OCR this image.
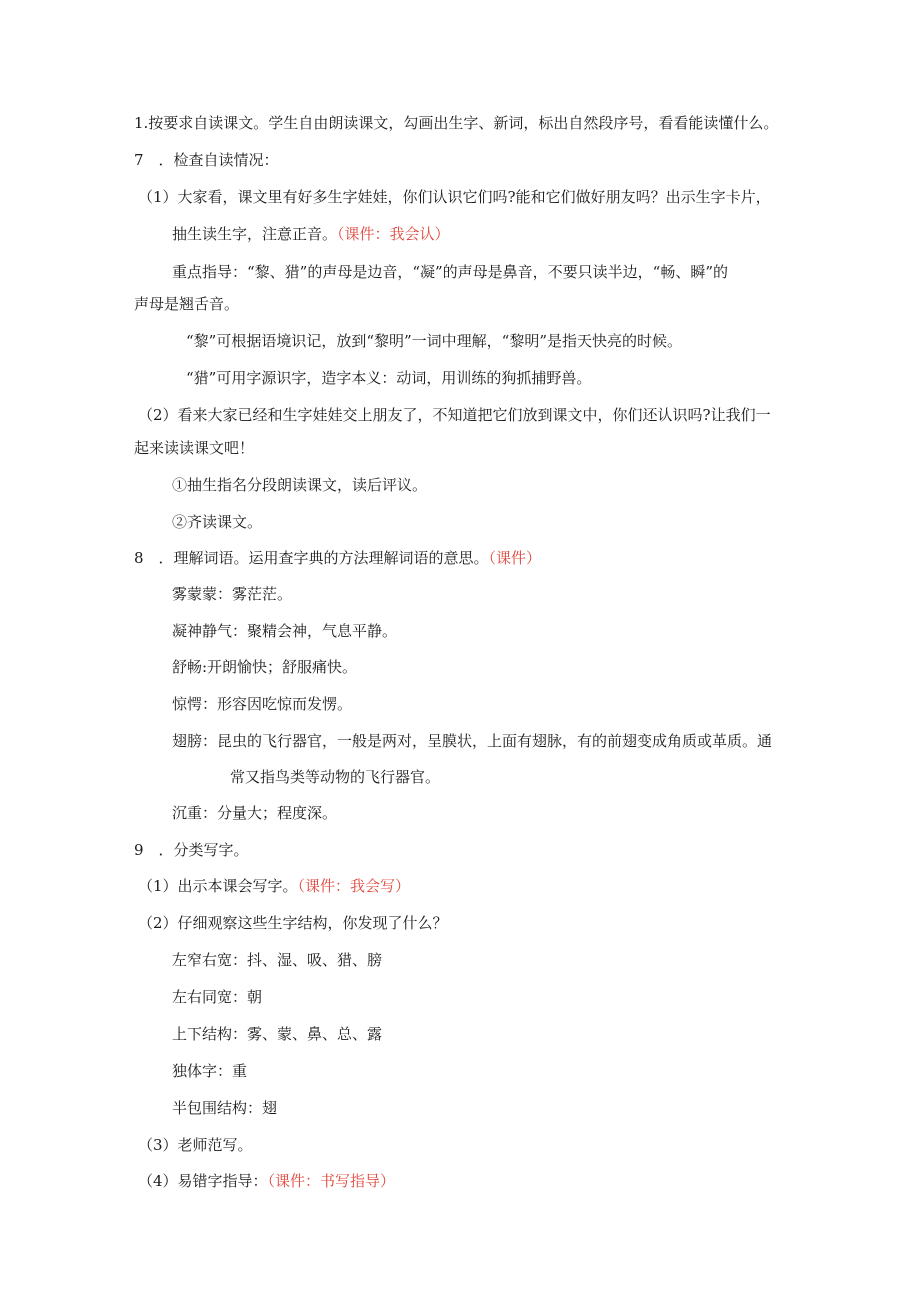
1.按要求自读课文。学生自由朗读课文，勾画出生字、新词，标出自然段序号，看看能读懂什么。
7　．检查自读情况：
（1）大家看，课文里有好多生字娃娃，你们认识它们吗?能和它们做好朋友吗？出示生字卡片，
抽生读生字，注意正音。（课件：我会认）
重点指导：“黎、猎”的声母是边音，“凝”的声母是鼻音，不要只读半边，“畅、瞬”的
声母是翘舌音。
“黎”可根据语境识记，放到“黎明”一词中理解，“黎明”是指天快亮的时候。
“猎”可用字源识字，造字本义：动词，用训练的狗抓捕野兽。
（2）看来大家已经和生字娃娃交上朋友了，不知道把它们放到课文中，你们还认识吗?让我们一
起来读读课文吧！
①抽生指名分段朗读课文，读后评议。
②齐读课文。
8　．理解词语。运用查字典的方法理解词语的意思。（课件）
雾蒙蒙：雾茫茫。
凝神静气：聚精会神，气息平静。
舒畅:开朗愉快；舒服痛快。
惊愕：形容因吃惊而发愣。
翅膀：昆虫的飞行器官，一般是两对，呈膜状，上面有翅脉，有的前翅变成角质或革质。通
常又指鸟类等动物的飞行器官。
沉重：分量大；程度深。
9　．分类写字。
（1）出示本课会写字。（课件：我会写）
（2）仔细观察这些生字结构，你发现了什么？
左窄右宽：抖、湿、吸、猎、膀
左右同宽：朝
上下结构：雾、蒙、鼻、总、露
独体字：重
半包围结构：翅
（3）老师范写。
（4）易错字指导：（课件：书写指导）
